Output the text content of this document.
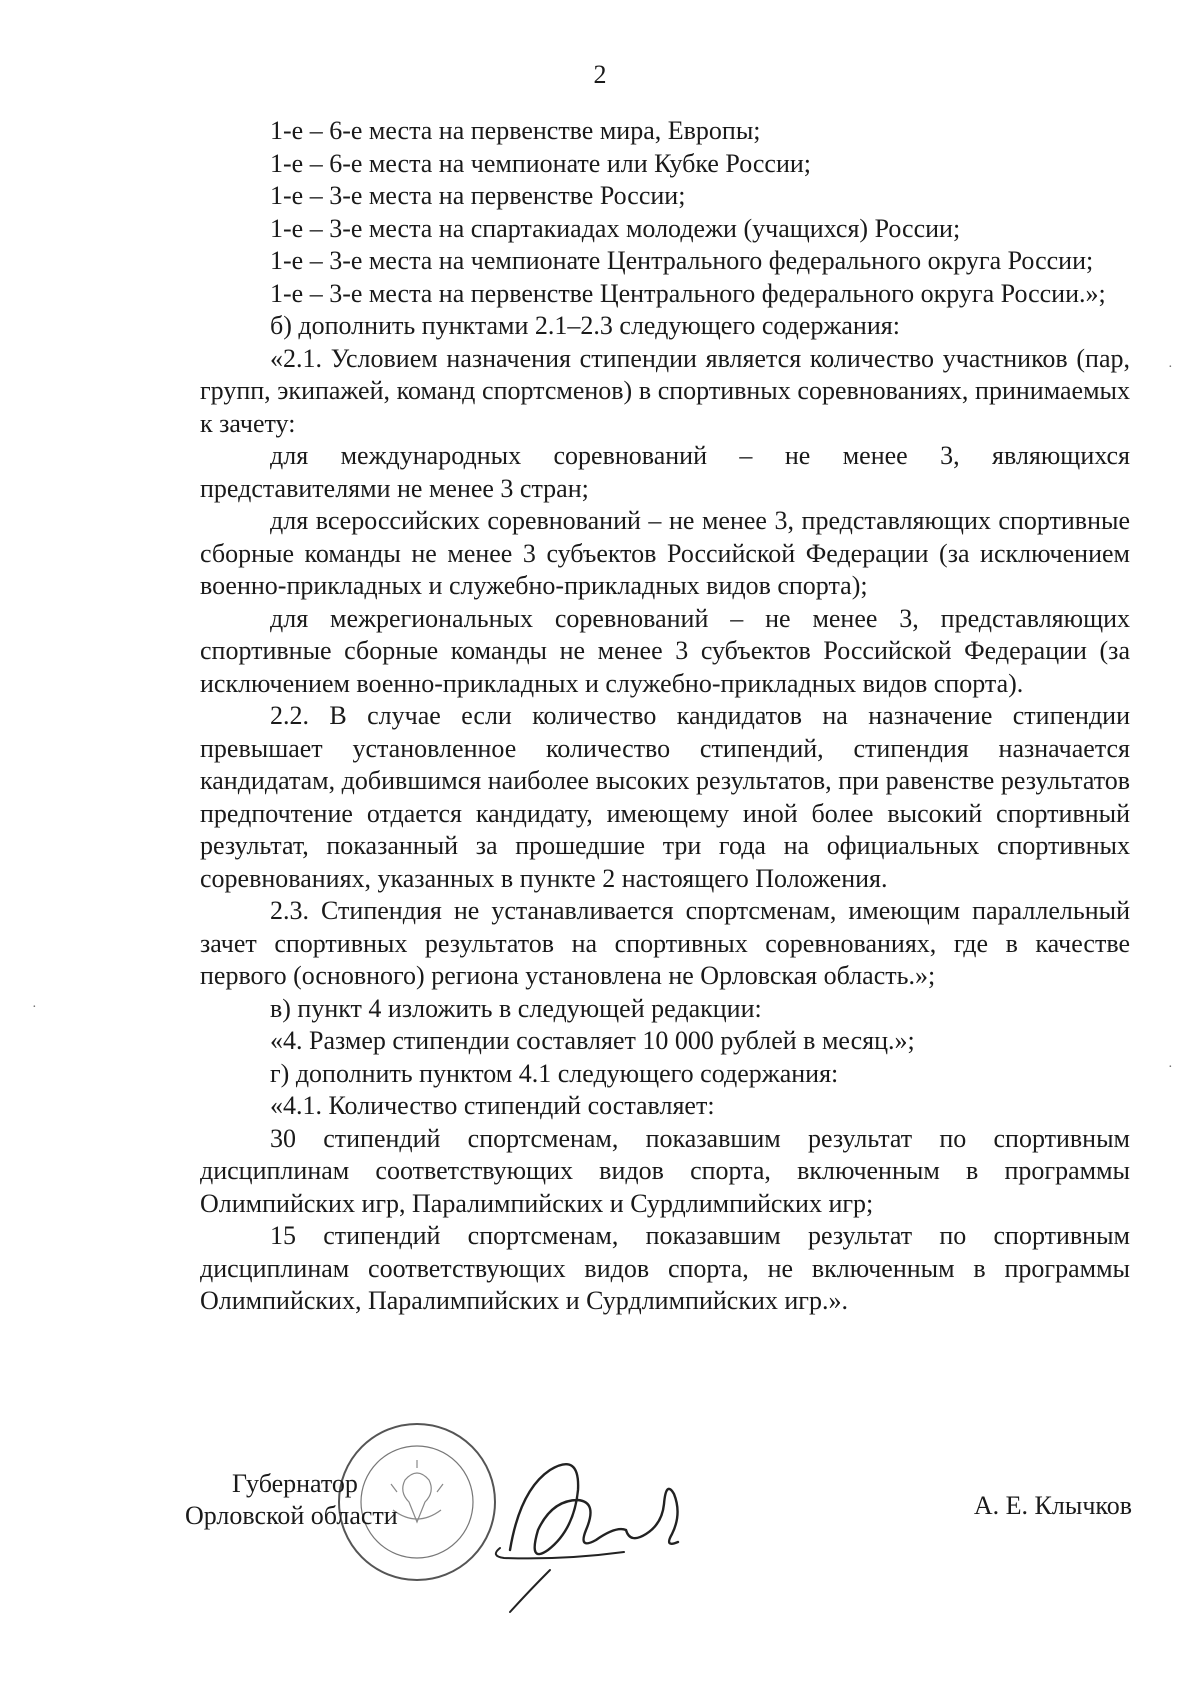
2

1-е – 6-е места на первенстве мира, Европы;

1-е – 6-е места на чемпионате или Кубке России;

1-е – 3-е места на первенстве России;

1-е – 3-е места на спартакиадах молодежи (учащихся) России;

1-е – 3-е места на чемпионате Центрального федерального округа России;

1-е – 3-е места на первенстве Центрального федерального округа России.»;

б) дополнить пунктами 2.1–2.3 следующего содержания:

«2.1. Условием назначения стипендии является количество участников (пар, групп, экипажей, команд спортсменов) в спортивных соревнованиях, принимаемых к зачету:

для международных соревнований – не менее 3, являющихся представителями не менее 3 стран;

для всероссийских соревнований – не менее 3, представляющих спортивные сборные команды не менее 3 субъектов Российской Федерации (за исключением военно-прикладных и служебно-прикладных видов спорта);

для межрегиональных соревнований – не менее 3, представляющих спортивные сборные команды не менее 3 субъектов Российской Федерации (за исключением военно-прикладных и служебно-прикладных видов спорта).

2.2. В случае если количество кандидатов на назначение стипендии превышает установленное количество стипендий, стипендия назначается кандидатам, добившимся наиболее высоких результатов, при равенстве результатов предпочтение отдается кандидату, имеющему иной более высокий спортивный результат, показанный за прошедшие три года на официальных спортивных соревнованиях, указанных в пункте 2 настоящего Положения.

2.3. Стипендия не устанавливается спортсменам, имеющим параллельный зачет спортивных результатов на спортивных соревнованиях, где в качестве первого (основного) региона установлена не Орловская область.»;

в) пункт 4 изложить в следующей редакции:

«4. Размер стипендии составляет 10 000 рублей в месяц.»;

г) дополнить пунктом 4.1 следующего содержания:

«4.1. Количество стипендий составляет:

30 стипендий спортсменам, показавшим результат по спортивным дисциплинам соответствующих видов спорта, включенным в программы Олимпийских игр, Паралимпийских и Сурдлимпийских игр;

15 стипендий спортсменам, показавшим результат по спортивным дисциплинам соответствующих видов спорта, не включенным в программы Олимпийских, Паралимпийских и Сурдлимпийских игр.».

Губернатор
Орловской области	А. Е. Клычков
·
·
·
